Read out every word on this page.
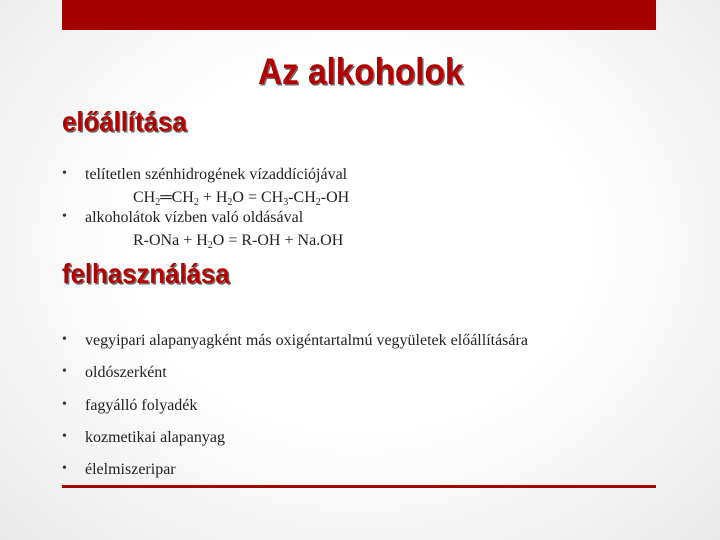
Az alkoholok
előállítása
• telítetlen szénhidrogének vízaddíciójával
$CH_2═CH_2 + H_2O = CH_3-CH_2-OH$
• alkoholátok vízben való oldásával
$R-ONa + H_2O = R-OH + Na.OH$
felhasználása
• vegyipari alapanyagként más oxigéntartalmú vegyületek előállítására
• oldószerként
• fagyálló folyadék
• kozmetikai alapanyag
• élelmiszeripar
